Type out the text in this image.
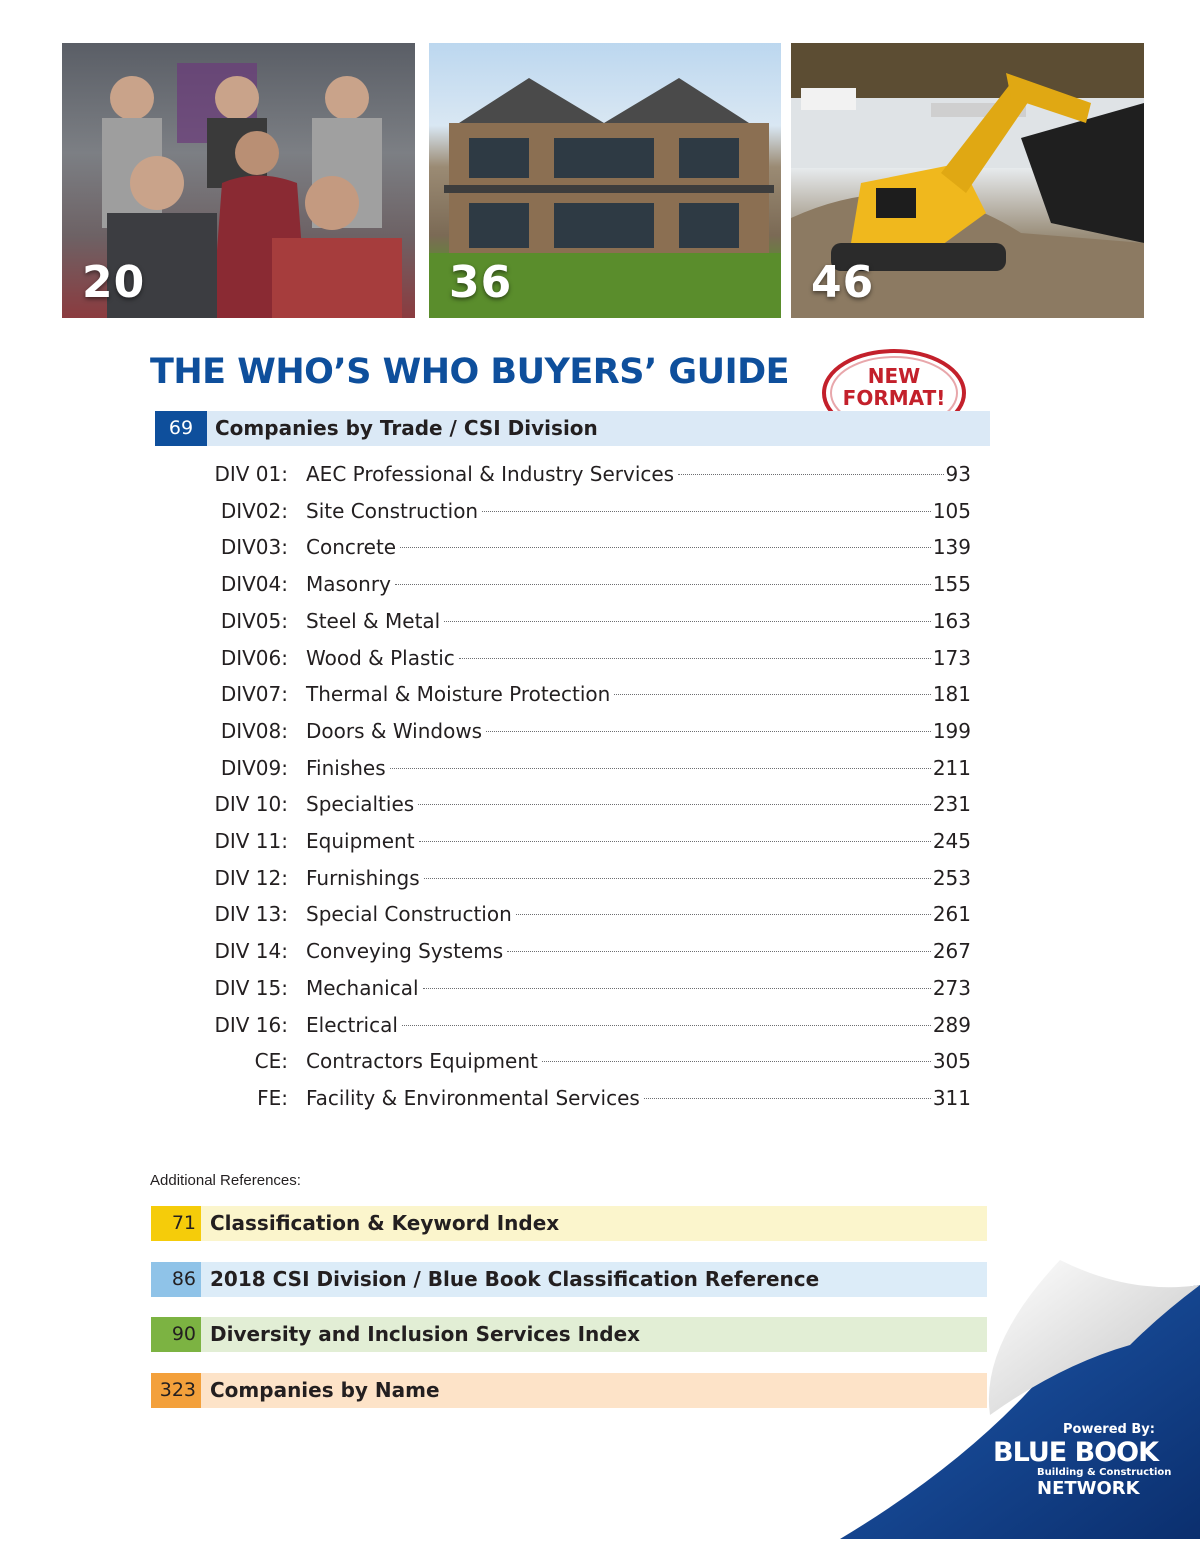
20	36	46
THE WHO’S WHO BUYERS’ GUIDE	NEW
FORMAT!
69	Companies by Trade / CSI Division
DIV 01: AEC Professional & Industry Services	93
DIV02: Site Construction	105
DIV03: Concrete	139
DIV04: Masonry	155
DIV05: Steel & Metal	163
DIV06: Wood & Plastic	173
DIV07: Thermal & Moisture Protection	181
DIV08: Doors & Windows	199
DIV09: Finishes	211
DIV 10: Specialties	231
DIV 11: Equipment	245
DIV 12: Furnishings	253
DIV 13: Special Construction	261
DIV 14: Conveying Systems	267
DIV 15: Mechanical	273
DIV 16: Electrical	289
CE: Contractors Equipment	305
FE: Facility & Environmental Services	311
Additional References:
71 Classification & Keyword Index
86 2018 CSI Division / Blue Book Classification Reference
90 Diversity and Inclusion Services Index
323 Companies by Name
Powered By:
BLUE BOOK
Building & Construction
NETWORK
